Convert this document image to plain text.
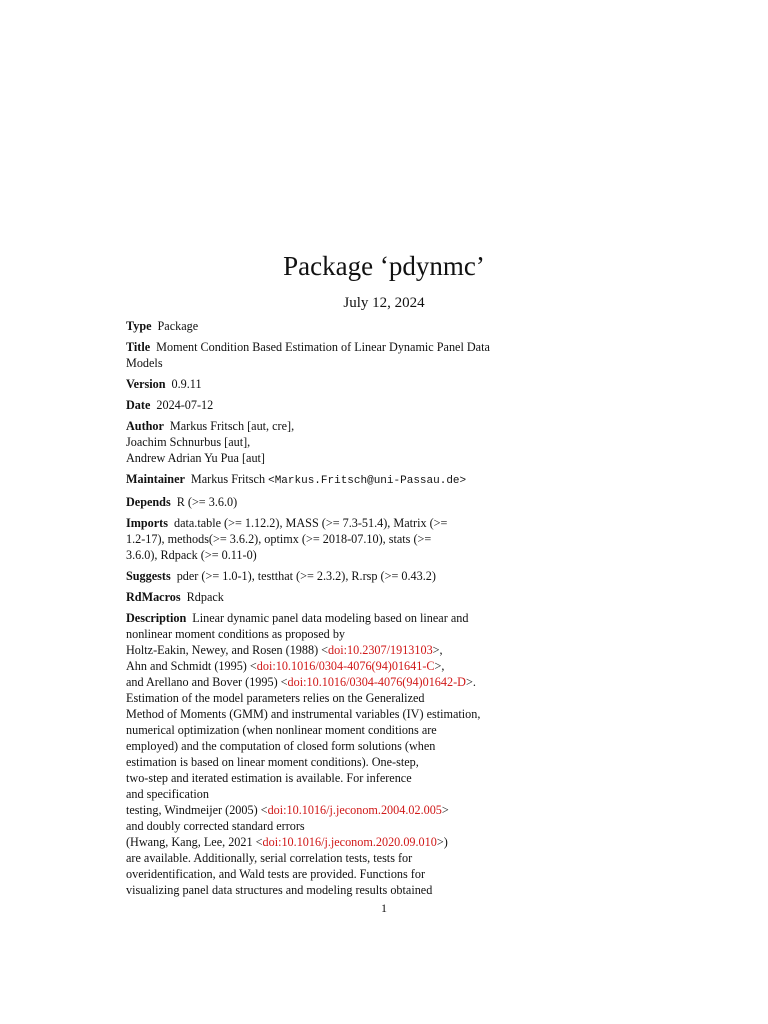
Package ‘pdynmc’
July 12, 2024
Type Package
Title Moment Condition Based Estimation of Linear Dynamic Panel Data
Models
Version 0.9.11
Date 2024-07-12
Author Markus Fritsch [aut, cre],
Joachim Schnurbus [aut],
Andrew Adrian Yu Pua [aut]
Maintainer Markus Fritsch <Markus.Fritsch@uni-Passau.de>
Depends R (>= 3.6.0)
Imports data.table (>= 1.12.2), MASS (>= 7.3-51.4), Matrix (>=
1.2-17), methods(>= 3.6.2), optimx (>= 2018-07.10), stats (>=
3.6.0), Rdpack (>= 0.11-0)
Suggests pder (>= 1.0-1), testthat (>= 2.3.2), R.rsp (>= 0.43.2)
RdMacros Rdpack
Description Linear dynamic panel data modeling based on linear and
nonlinear moment conditions as proposed by
Holtz-Eakin, Newey, and Rosen (1988) <doi:10.2307/1913103>,
Ahn and Schmidt (1995) <doi:10.1016/0304-4076(94)01641-C>,
and Arellano and Bover (1995) <doi:10.1016/0304-4076(94)01642-D>.
Estimation of the model parameters relies on the Generalized
Method of Moments (GMM) and instrumental variables (IV) estimation,
numerical optimization (when nonlinear moment conditions are
employed) and the computation of closed form solutions (when
estimation is based on linear moment conditions). One-step,
two-step and iterated estimation is available. For inference
and specification
testing, Windmeijer (2005) <doi:10.1016/j.jeconom.2004.02.005>
and doubly corrected standard errors
(Hwang, Kang, Lee, 2021 <doi:10.1016/j.jeconom.2020.09.010>)
are available. Additionally, serial correlation tests, tests for
overidentification, and Wald tests are provided. Functions for
visualizing panel data structures and modeling results obtained
1
